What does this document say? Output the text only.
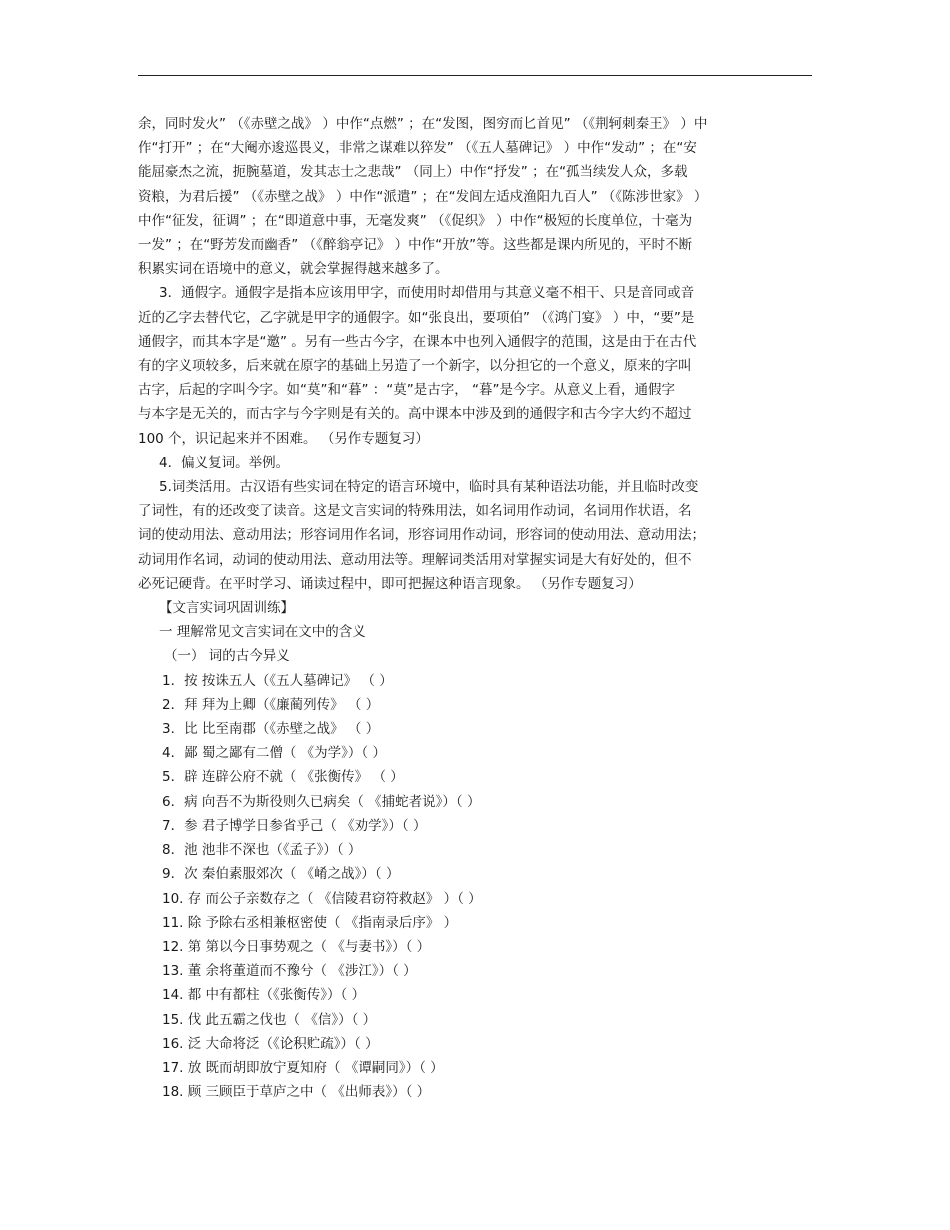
余，同时发火” （《赤壁之战》 ）中作“点燃” ；在“发图，图穷而匕首见” （《荆轲刺秦王》 ）中
作“打开” ；在“大阉亦逡巡畏义，非常之谋难以猝发” （《五人墓碑记》 ）中作“发动” ；在“安
能屈豪杰之流，扼腕墓道，发其志士之悲哉” （同上）中作“抒发” ；在“孤当续发人众，多载
资粮，为君后援” （《赤壁之战》 ）中作“派遣” ；在“发闾左适戍渔阳九百人” （《陈涉世家》 ）
中作“征发，征调” ；在“即道意中事，无毫发爽” （《促织》 ）中作“极短的长度单位，十毫为
一发” ；在“野芳发而幽香” （《醉翁亭记》 ）中作“开放”等。这些都是课内所见的，平时不断
积累实词在语境中的意义，就会掌握得越来越多了。
3．通假字。通假字是指本应该用甲字，而使用时却借用与其意义毫不相干、只是音同或音
近的乙字去替代它，乙字就是甲字的通假字。如“张良出，要项伯” （《鸿门宴》 ）中，“要”是
通假字，而其本字是“邀” 。另有一些古今字，在课本中也列入通假字的范围，这是由于在古代
有的字义项较多，后来就在原字的基础上另造了一个新字，以分担它的一个意义，原来的字叫
古字，后起的字叫今字。如“莫”和“暮” ：“莫”是古字， “暮”是今字。从意义上看，通假字
与本字是无关的，而古字与今字则是有关的。高中课本中涉及到的通假字和古今字大约不超过
100 个，识记起来并不困难。 （另作专题复习）
4．偏义复词。举例。
5.词类活用。古汉语有些实词在特定的语言环境中，临时具有某种语法功能，并且临时改变
了词性，有的还改变了读音。这是文言实词的特殊用法，如名词用作动词，名词用作状语，名
词的使动用法、意动用法；形容词用作名词，形容词用作动词，形容词的使动用法、意动用法；
动词用作名词，动词的使动用法、意动用法等。理解词类活用对掌握实词是大有好处的，但不
必死记硬背。在平时学习、诵读过程中，即可把握这种语言现象。 （另作专题复习）
【文言实词巩固训练】
一 理解常见文言实词在文中的含义
（一） 词的古今异义
1．按 按诛五人（《五人墓碑记》 （ ）
2．拜 拜为上卿（《廉蔺列传》 （ ）
3．比 比至南郡（《赤壁之战》 （ ）
4．鄙 蜀之鄙有二僧（ 《为学》）（ ）
5．辟 连辟公府不就（ 《张衡传》 （ ）
6．病 向吾不为斯役则久已病矣（ 《捕蛇者说》）（ ）
7．参 君子博学日参省乎己（ 《劝学》）（ ）
8．池 池非不深也（《孟子》）（ ）
9．次 秦伯素服郊次（ 《崤之战》）（ ）
10. 存 而公子亲数存之（ 《信陵君窃符救赵》 ）（ ）
11. 除 予除右丞相兼枢密使（ 《指南录后序》 ）
12. 第 第以今日事势观之（ 《与妻书》）（ ）
13. 董 余将董道而不豫兮（ 《涉江》）（ ）
14. 都 中有都柱（《张衡传》）（ ）
15. 伐 此五霸之伐也（ 《信》）（ ）
16. 泛 大命将泛（《论积贮疏》）（ ）
17. 放 既而胡即放宁夏知府（ 《谭嗣同》）（ ）
18. 顾 三顾臣于草庐之中（ 《出师表》）（ ）
